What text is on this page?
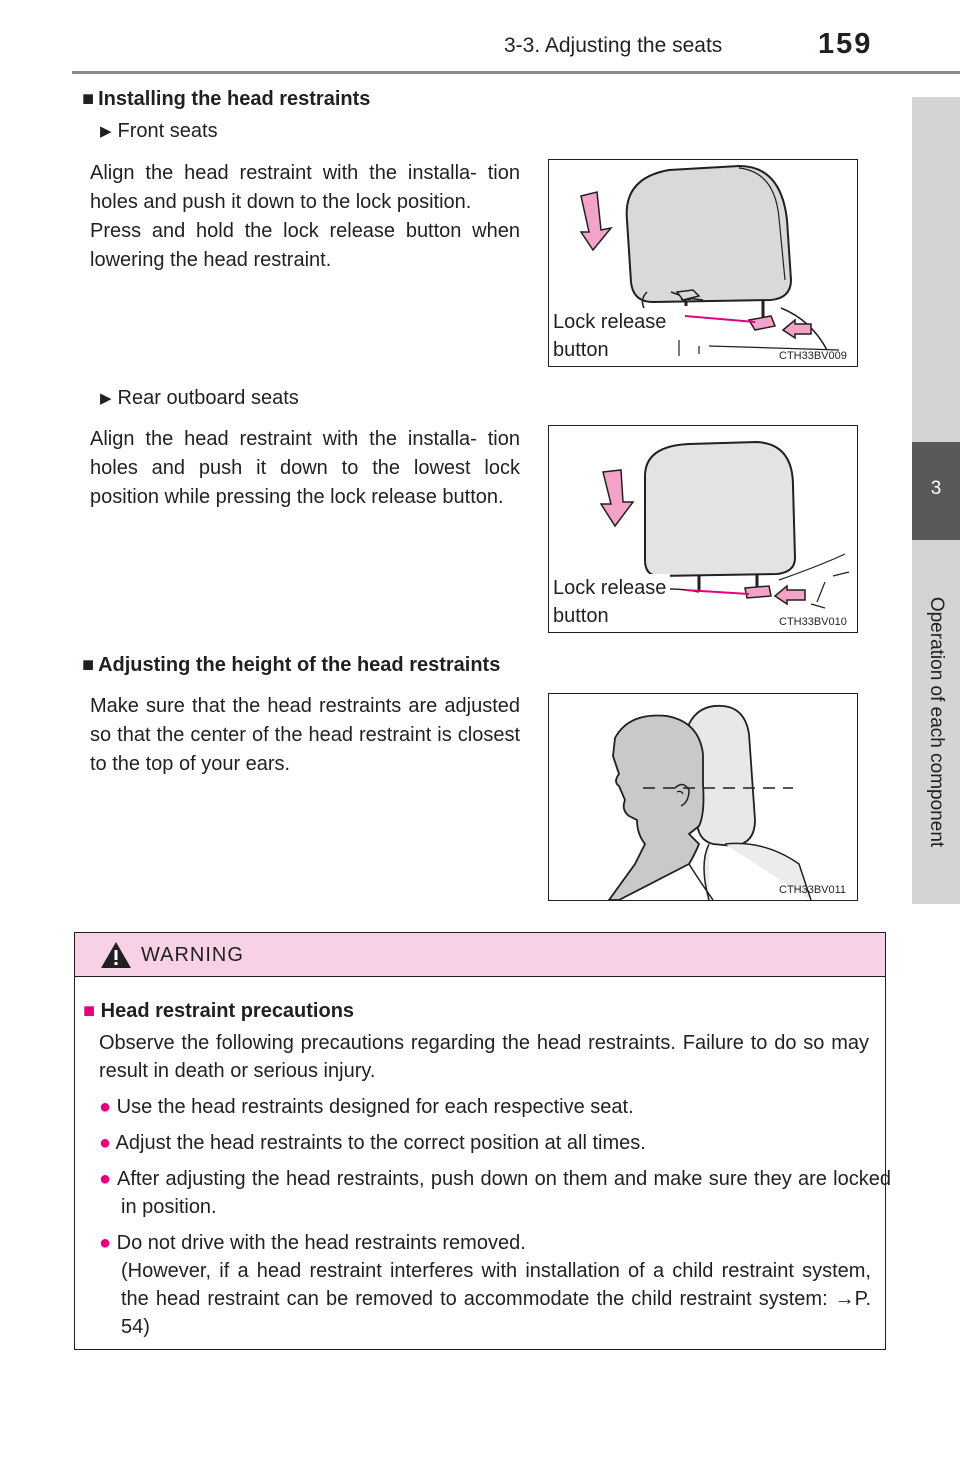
3-3. Adjusting the seats	159
3
Operation of each component
■ Installing the head restraints
▶ Front seats
Align the head restraint with the installa- tion holes and push it down to the lock position.
Press and hold the lock release button when lowering the head restraint.
Lock release
button	CTH33BV009
▶ Rear outboard seats
Align the head restraint with the installa- tion holes and push it down to the lowest lock position while pressing the lock release button.
Lock release
button	CTH33BV010
■ Adjusting the height of the head restraints
Make sure that the head restraints are adjusted so that the center of the head restraint is closest to the top of your ears.
CTH33BV011
WARNING
■ Head restraint precautions
Observe the following precautions regarding the head restraints. Failure to do so may result in death or serious injury.
● Use the head restraints designed for each respective seat.
● Adjust the head restraints to the correct position at all times.
● After adjusting the head restraints, push down on them and make sure they are locked in position.
● Do not drive with the head restraints removed.
(However, if a head restraint interferes with installation of a child restraint system, the head restraint can be removed to accommodate the child restraint system: →P. 54)
